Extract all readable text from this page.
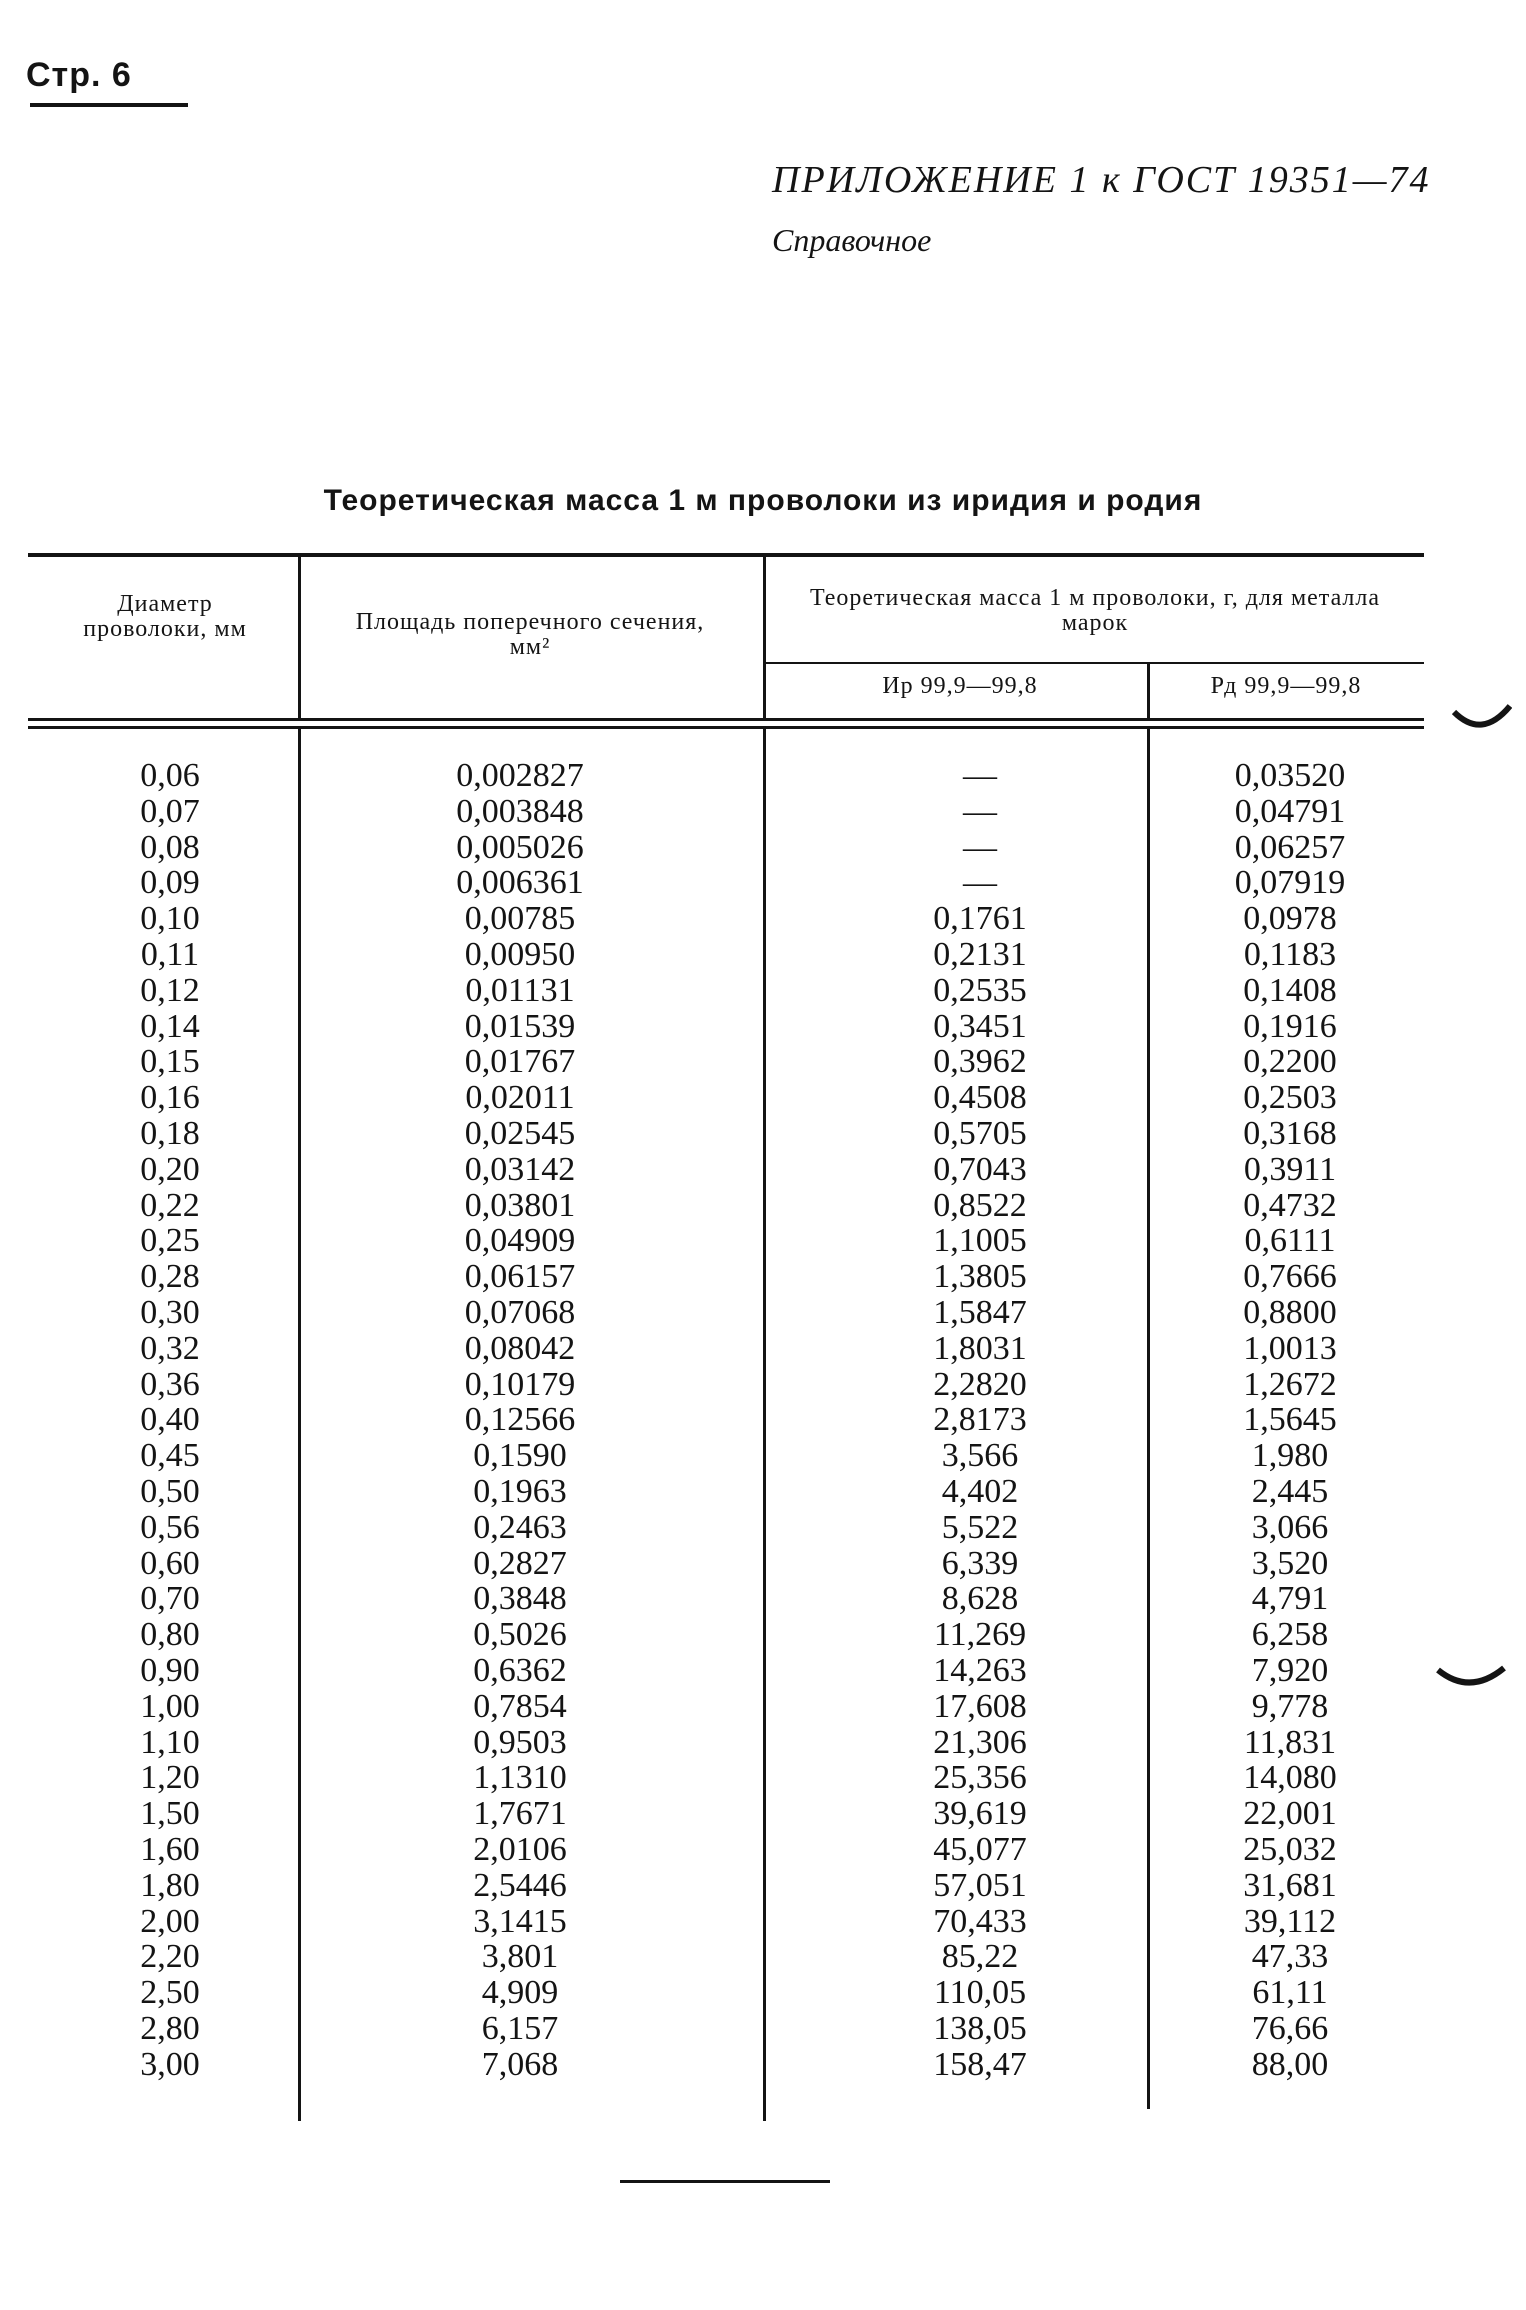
Стр. 6
ПРИЛОЖЕНИЕ 1 к ГОСТ 19351—74
Справочное
Теоретическая масса 1 м проволоки из иридия и родия
Диаметр проволоки, мм	Площадь поперечного сечения, мм²
Теоретическая масса 1 м проволоки, г, для металла марок
Ир 99,9—99,8	Рд 99,9—99,8
0,06
0,07
0,08
0,09
0,10
0,11
0,12
0,14
0,15
0,16
0,18
0,20
0,22
0,25
0,28
0,30
0,32
0,36
0,40
0,45
0,50
0,56
0,60
0,70
0,80
0,90
1,00
1,10
1,20
1,50
1,60
1,80
2,00
2,20
2,50
2,80
3,00
0,002827
0,003848
0,005026
0,006361
0,00785
0,00950
0,01131
0,01539
0,01767
0,02011
0,02545
0,03142
0,03801
0,04909
0,06157
0,07068
0,08042
0,10179
0,12566
0,1590
0,1963
0,2463
0,2827
0,3848
0,5026
0,6362
0,7854
0,9503
1,1310
1,7671
2,0106
2,5446
3,1415
3,801
4,909
6,157
7,068
—
—
—
—
0,1761
0,2131
0,2535
0,3451
0,3962
0,4508
0,5705
0,7043
0,8522
1,1005
1,3805
1,5847
1,8031
2,2820
2,8173
3,566
4,402
5,522
6,339
8,628
11,269
14,263
17,608
21,306
25,356
39,619
45,077
57,051
70,433
85,22
110,05
138,05
158,47
0,03520
0,04791
0,06257
0,07919
0,0978
0,1183
0,1408
0,1916
0,2200
0,2503
0,3168
0,3911
0,4732
0,6111
0,7666
0,8800
1,0013
1,2672
1,5645
1,980
2,445
3,066
3,520
4,791
6,258
7,920
9,778
11,831
14,080
22,001
25,032
31,681
39,112
47,33
61,11
76,66
88,00
